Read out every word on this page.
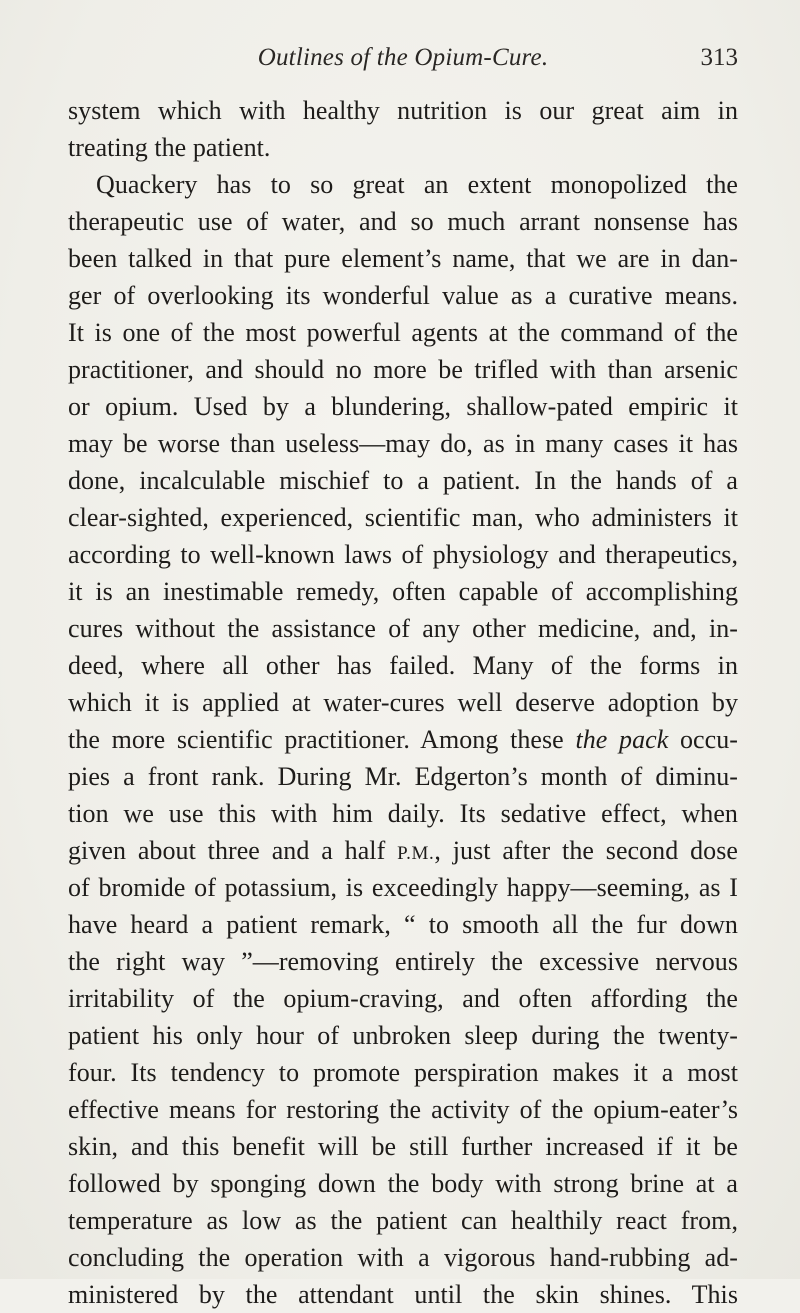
Outlines of the Opium-Cure.	313
system which with healthy nutrition is our great aim in
treating the patient.
Quackery has to so great an extent monopolized the
therapeutic use of water, and so much arrant nonsense has
been talked in that pure element’s name, that we are in dan-
ger of overlooking its wonderful value as a curative means.
It is one of the most powerful agents at the command of the
practitioner, and should no more be trifled with than arsenic
or opium. Used by a blundering, shallow-pated empiric it
may be worse than useless—may do, as in many cases it has
done, incalculable mischief to a patient. In the hands of a
clear-sighted, experienced, scientific man, who administers it
according to well-known laws of physiology and therapeutics,
it is an inestimable remedy, often capable of accomplishing
cures without the assistance of any other medicine, and, in-
deed, where all other has failed. Many of the forms in
which it is applied at water-cures well deserve adoption by
the more scientific practitioner. Among these the pack occu-
pies a front rank. During Mr. Edgerton’s month of diminu-
tion we use this with him daily. Its sedative effect, when
given about three and a half P.M., just after the second dose
of bromide of potassium, is exceedingly happy—seeming, as I
have heard a patient remark, “ to smooth all the fur down
the right way ”—removing entirely the excessive nervous
irritability of the opium-craving, and often affording the
patient his only hour of unbroken sleep during the twenty-
four. Its tendency to promote perspiration makes it a most
effective means for restoring the activity of the opium-eater’s
skin, and this benefit will be still further increased if it be
followed by sponging down the body with strong brine at a
temperature as low as the patient can healthily react from,
concluding the operation with a vigorous hand-rubbing ad-
ministered by the attendant until the skin shines. This
